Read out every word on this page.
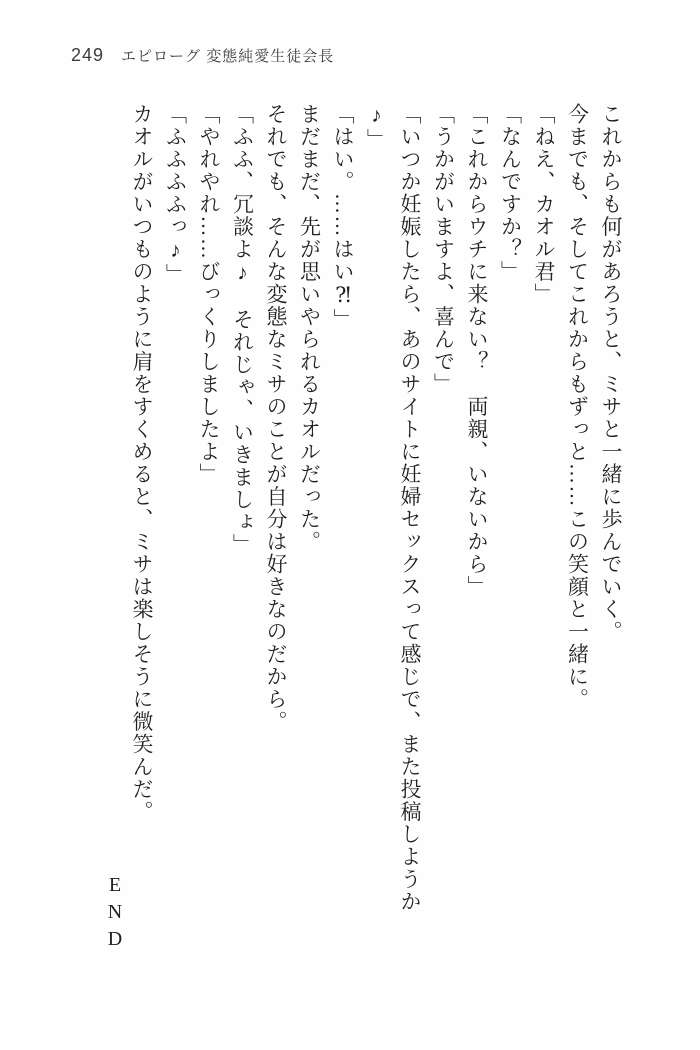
249 エピローグ 変態純愛生徒会長

これからも何があろうと、ミサと一緒に歩んでいく。

今までも、そしてこれからもずっと……この笑顔と一緒に。

「ねえ、カオル君」

「なんですか？」

「これからウチに来ない？　両親、いないから」

「うかがいますよ、喜んで」

「いつか妊娠したら、あのサイトに妊婦セックスって感じで、また投稿しようか♪」

「はい。……はい⁈」

まだまだ、先が思いやられるカオルだった。

それでも、そんな変態なミサのことが自分は好きなのだから。

「ふふ、冗談よ♪　それじゃ、いきましょ」

「やれやれ……びっくりしましたよ」

「ふふふふっ♪」

カオルがいつものように肩をすくめると、ミサは楽しそうに微笑んだ。

END
